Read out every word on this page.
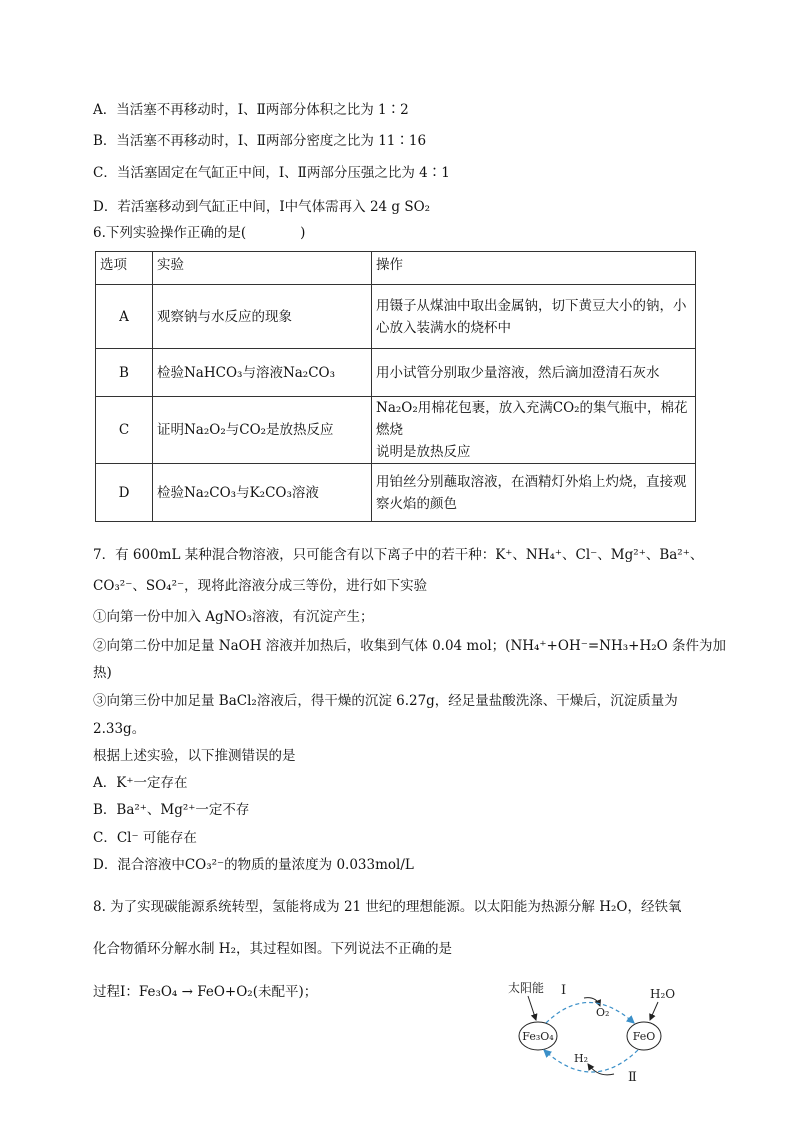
A．当活塞不再移动时，Ⅰ、Ⅱ两部分体积之比为 1∶2
B．当活塞不再移动时，Ⅰ、Ⅱ两部分密度之比为 11∶16
C．当活塞固定在气缸正中间，Ⅰ、Ⅱ两部分压强之比为 4∶1
D．若活塞移动到气缸正中间，Ⅰ中气体需再入 24 g SO₂
6.下列实验操作正确的是(　　　　)
选项	实验	操作
A	观察钠与水反应的现象	用镊子从煤油中取出金属钠，切下黄豆大小的钠，小
心放入装满水的烧杯中

B	检验NaHCO₃与溶液Na₂CO₃	用小试管分别取少量溶液，然后滴加澄清石灰水

C	证明Na₂O₂与CO₂是放热反应	Na₂O₂用棉花包裹，放入充满CO₂的集气瓶中，棉花燃烧
说明是放热反应

D	检验Na₂CO₃与K₂CO₃溶液	用铂丝分别蘸取溶液，在酒精灯外焰上灼烧，直接观
察火焰的颜色
7．有 600mL 某种混合物溶液，只可能含有以下离子中的若干种：K⁺、NH₄⁺、Cl⁻、Mg²⁺、Ba²⁺、
CO₃²⁻、SO₄²⁻，现将此溶液分成三等份，进行如下实验
①向第一份中加入 AgNO₃溶液，有沉淀产生；
②向第二份中加足量 NaOH 溶液并加热后，收集到气体 0.04 mol；(NH₄⁺+OH⁻=NH₃+H₂O 条件为加
热)
③向第三份中加足量 BaCl₂溶液后，得干燥的沉淀 6.27g，经足量盐酸洗涤、干燥后，沉淀质量为
2.33g。
根据上述实验，以下推测错误的是
A．K⁺一定存在
B．Ba²⁺、Mg²⁺一定不存
C．Cl⁻ 可能存在
D．混合溶液中CO₃²⁻的物质的量浓度为 0.033mol/L
8. 为了实现碳能源系统转型，氢能将成为 21 世纪的理想能源。以太阳能为热源分解 H₂O，经铁氧
化合物循环分解水制 H₂，其过程如图。下列说法不正确的是
过程Ⅰ：Fe₃O₄ → FeO+O₂(未配平)；	太阳能 Ⅰ
O₂
H₂O
H₂
Ⅱ
Fe₃O₄	FeO
